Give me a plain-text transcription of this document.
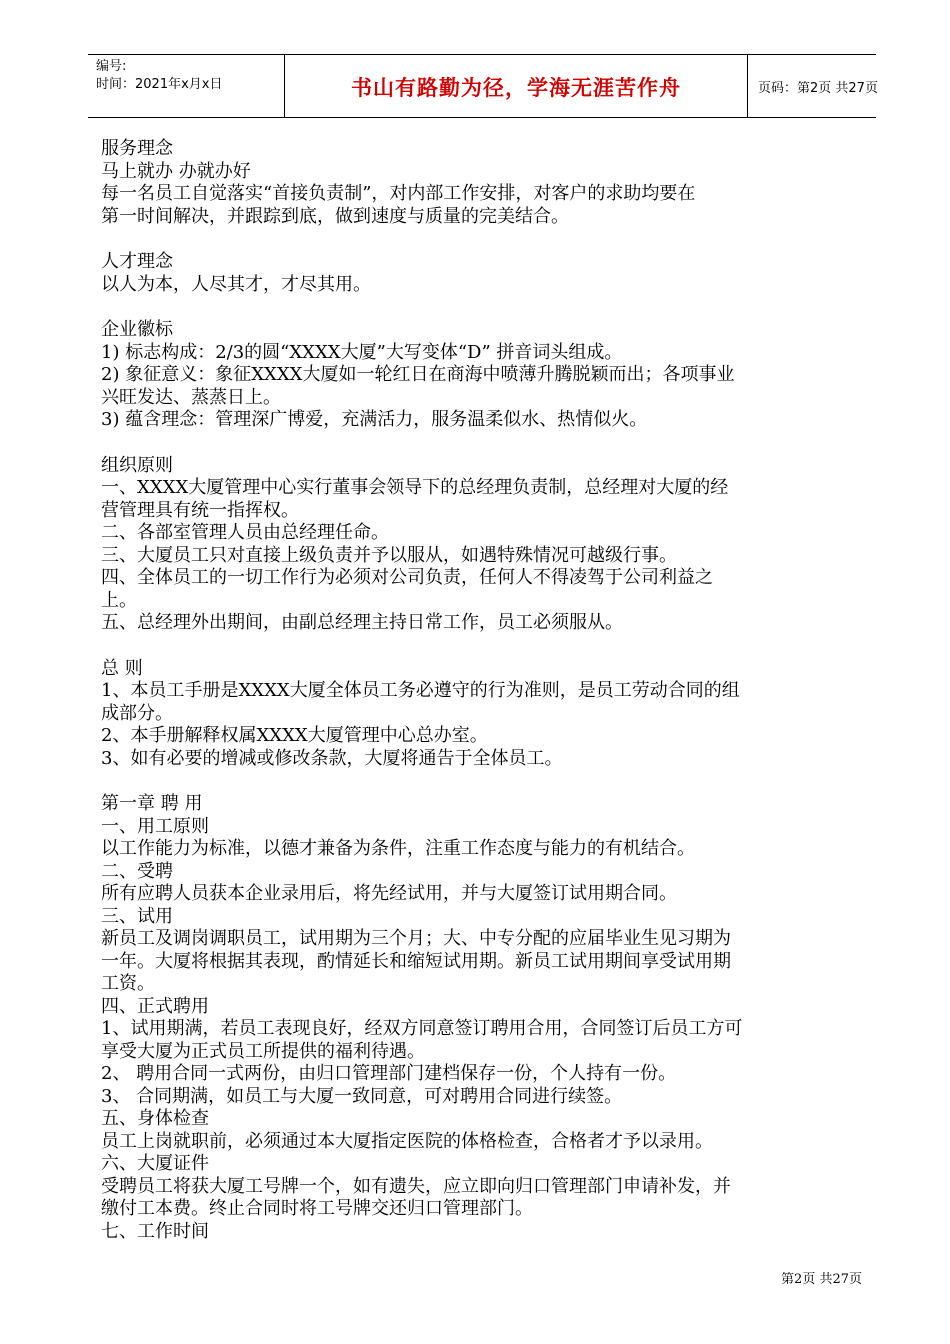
编号:
时间：2021年x月x日	书山有路勤为径，学海无涯苦作舟	页码：第2页 共27页

服务理念

马上就办 办就办好

每一名员工自觉落实“首接负责制”，对内部工作安排，对客户的求助均要在

第一时间解决，并跟踪到底，做到速度与质量的完美结合。

人才理念

以人为本，人尽其才，才尽其用。

企业徽标

1) 标志构成：2/3的圆“XXXX大厦”大写变体“D” 拼音词头组成。

2) 象征意义：象征XXXX大厦如一轮红日在商海中喷薄升腾脱颖而出；各项事业

兴旺发达、蒸蒸日上。

3) 蕴含理念：管理深广博爱，充满活力，服务温柔似水、热情似火。

组织原则

一、XXXX大厦管理中心实行董事会领导下的总经理负责制，总经理对大厦的经

营管理具有统一指挥权。

二、各部室管理人员由总经理任命。

三、大厦员工只对直接上级负责并予以服从，如遇特殊情况可越级行事。

四、全体员工的一切工作行为必须对公司负责，任何人不得凌驾于公司利益之

上。

五、总经理外出期间，由副总经理主持日常工作，员工必须服从。

总 则

1、本员工手册是XXXX大厦全体员工务必遵守的行为准则，是员工劳动合同的组

成部分。

2、本手册解释权属XXXX大厦管理中心总办室。

3、如有必要的增减或修改条款，大厦将通告于全体员工。

第一章 聘 用

一、用工原则

以工作能力为标准，以德才兼备为条件，注重工作态度与能力的有机结合。

二、受聘

所有应聘人员获本企业录用后，将先经试用，并与大厦签订试用期合同。

三、试用

新员工及调岗调职员工，试用期为三个月；大、中专分配的应届毕业生见习期为

一年。大厦将根据其表现，酌情延长和缩短试用期。新员工试用期间享受试用期

工资。

四、正式聘用

1、试用期满，若员工表现良好，经双方同意签订聘用合用，合同签订后员工方可

享受大厦为正式员工所提供的福利待遇。

2、 聘用合同一式两份，由归口管理部门建档保存一份，个人持有一份。

3、 合同期满，如员工与大厦一致同意，可对聘用合同进行续签。

五、身体检查

员工上岗就职前，必须通过本大厦指定医院的体格检查，合格者才予以录用。

六、大厦证件

受聘员工将获大厦工号牌一个，如有遗失，应立即向归口管理部门申请补发，并

缴付工本费。终止合同时将工号牌交还归口管理部门。

七、工作时间

第2页 共27页
